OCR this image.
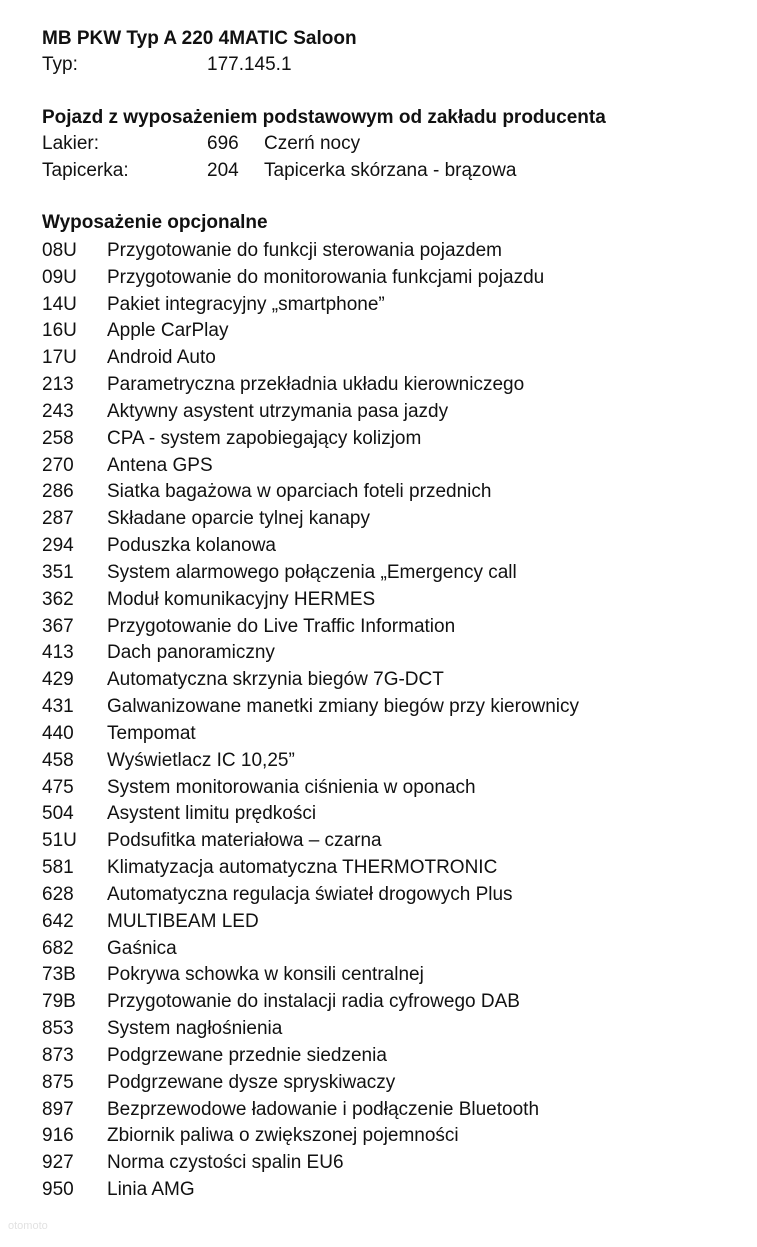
MB PKW Typ A 220 4MATIC Saloon
Typ:	177.145.1
Pojazd z wyposażeniem podstawowym od zakładu producenta
Lakier:	696 Czerń nocy
Tapicerka:	204 Tapicerka skórzana - brązowa
Wyposażenie opcjonalne
08U Przygotowanie do funkcji sterowania pojazdem
09U Przygotowanie do monitorowania funkcjami pojazdu
14U Pakiet integracyjny „smartphone”
16U Apple CarPlay
17U Android Auto
213 Parametryczna przekładnia układu kierowniczego
243 Aktywny asystent utrzymania pasa jazdy
258 CPA - system zapobiegający kolizjom
270 Antena GPS
286 Siatka bagażowa w oparciach foteli przednich
287 Składane oparcie tylnej kanapy
294 Poduszka kolanowa
351 System alarmowego połączenia „Emergency call
362 Moduł komunikacyjny HERMES
367 Przygotowanie do Live Traffic Information
413 Dach panoramiczny
429 Automatyczna skrzynia biegów 7G-DCT
431 Galwanizowane manetki zmiany biegów przy kierownicy
440 Tempomat
458 Wyświetlacz IC 10,25”
475 System monitorowania ciśnienia w oponach
504 Asystent limitu prędkości
51U Podsufitka materiałowa – czarna
581 Klimatyzacja automatyczna THERMOTRONIC
628 Automatyczna regulacja świateł drogowych Plus
642 MULTIBEAM LED
682 Gaśnica
73B Pokrywa schowka w konsili centralnej
79B Przygotowanie do instalacji radia cyfrowego DAB
853 System nagłośnienia
873 Podgrzewane przednie siedzenia
875 Podgrzewane dysze spryskiwaczy
897 Bezprzewodowe ładowanie i podłączenie Bluetooth
916 Zbiornik paliwa o zwiększonej pojemności
927 Norma czystości spalin EU6
950 Linia AMG
otomoto
